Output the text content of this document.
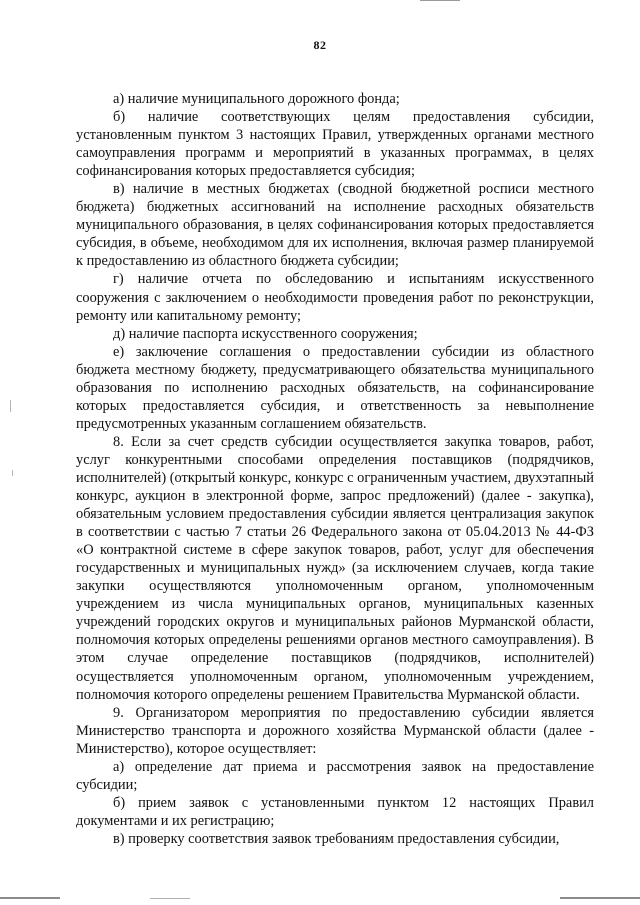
82

а) наличие муниципального дорожного фонда;

б) наличие соответствующих целям предоставления субсидии, установленным пунктом 3 настоящих Правил, утвержденных органами местного самоуправления программ и мероприятий в указанных программах, в целях софинансирования которых предоставляется субсидия;

в) наличие в местных бюджетах (сводной бюджетной росписи местного бюджета) бюджетных ассигнований на исполнение расходных обязательств муниципального образования, в целях софинансирования которых предоставляется субсидия, в объеме, необходимом для их исполнения, включая размер планируемой к предоставлению из областного бюджета субсидии;

г) наличие отчета по обследованию и испытаниям искусственного сооружения с заключением о необходимости проведения работ по реконструкции, ремонту или капитальному ремонту;

д) наличие паспорта искусственного сооружения;

е) заключение соглашения о предоставлении субсидии из областного бюджета местному бюджету, предусматривающего обязательства муниципального образования по исполнению расходных обязательств, на софинансирование которых предоставляется субсидия, и ответственность за невыполнение предусмотренных указанным соглашением обязательств.

8. Если за счет средств субсидии осуществляется закупка товаров, работ, услуг конкурентными способами определения поставщиков (подрядчиков, исполнителей) (открытый конкурс, конкурс с ограниченным участием, двухэтапный конкурс, аукцион в электронной форме, запрос предложений) (далее - закупка), обязательным условием предоставления субсидии является централизация закупок в соответствии с частью 7 статьи 26 Федерального закона от 05.04.2013 № 44-ФЗ «О контрактной системе в сфере закупок товаров, работ, услуг для обеспечения государственных и муниципальных нужд» (за исключением случаев, когда такие закупки осуществляются уполномоченным органом, уполномоченным учреждением из числа муниципальных органов, муниципальных казенных учреждений городских округов и муниципальных районов Мурманской области, полномочия которых определены решениями органов местного самоуправления). В этом случае определение поставщиков (подрядчиков, исполнителей) осуществляется уполномоченным органом, уполномоченным учреждением, полномочия которого определены решением Правительства Мурманской области.

9. Организатором мероприятия по предоставлению субсидии является Министерство транспорта и дорожного хозяйства Мурманской области (далее - Министерство), которое осуществляет:

а) определение дат приема и рассмотрения заявок на предоставление субсидии;

б) прием заявок с установленными пунктом 12 настоящих Правил документами и их регистрацию;

в) проверку соответствия заявок требованиям предоставления субсидии,
